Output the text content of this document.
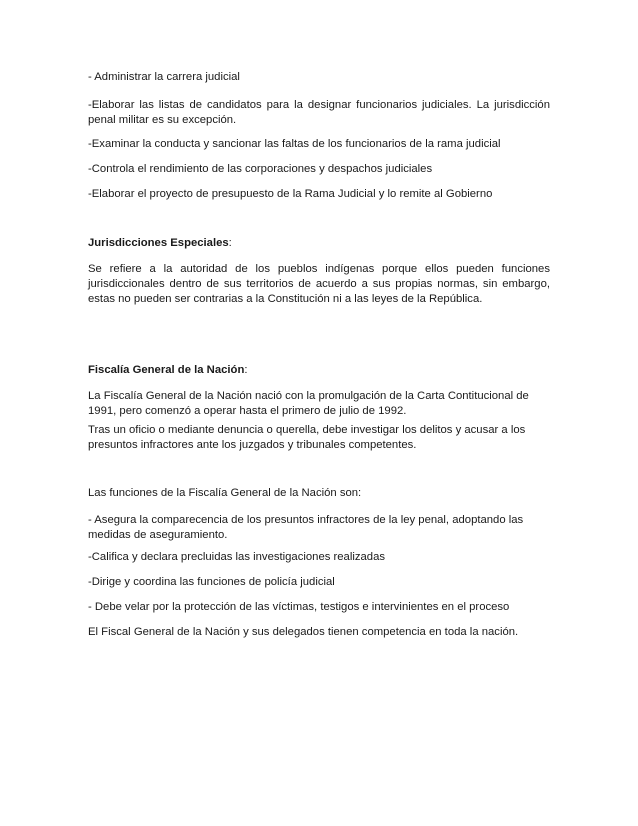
- Administrar la carrera judicial

-Elaborar las listas de candidatos para la designar funcionarios judiciales. La jurisdicción penal militar es su excepción.

-Examinar la conducta y sancionar las faltas de los funcionarios de la rama judicial

-Controla el rendimiento de las corporaciones y despachos judiciales

-Elaborar el proyecto de presupuesto de la Rama Judicial y lo remite al Gobierno

Jurisdicciones Especiales:

Se refiere a la autoridad de los pueblos indígenas porque ellos pueden funciones jurisdiccionales dentro de sus territorios de acuerdo a sus propias normas, sin embargo, estas no pueden ser contrarias a la Constitución ni a las leyes de la República.

Fiscalía General de la Nación:

La Fiscalía General de la Nación nació con la promulgación de la Carta Contitucional de 1991, pero comenzó a operar hasta el primero de julio de 1992.

Tras un oficio o mediante denuncia o querella, debe investigar los delitos y acusar a los presuntos infractores ante los juzgados y tribunales competentes.

Las funciones de la Fiscalía General de la Nación son:

- Asegura la comparecencia de los presuntos infractores de la ley penal, adoptando las medidas de aseguramiento.

-Califica y declara precluidas las investigaciones realizadas

-Dirige y coordina las funciones de policía judicial

- Debe velar por la protección de las víctimas, testigos e intervinientes en el proceso

El Fiscal General de la Nación y sus delegados tienen competencia en toda la nación.
